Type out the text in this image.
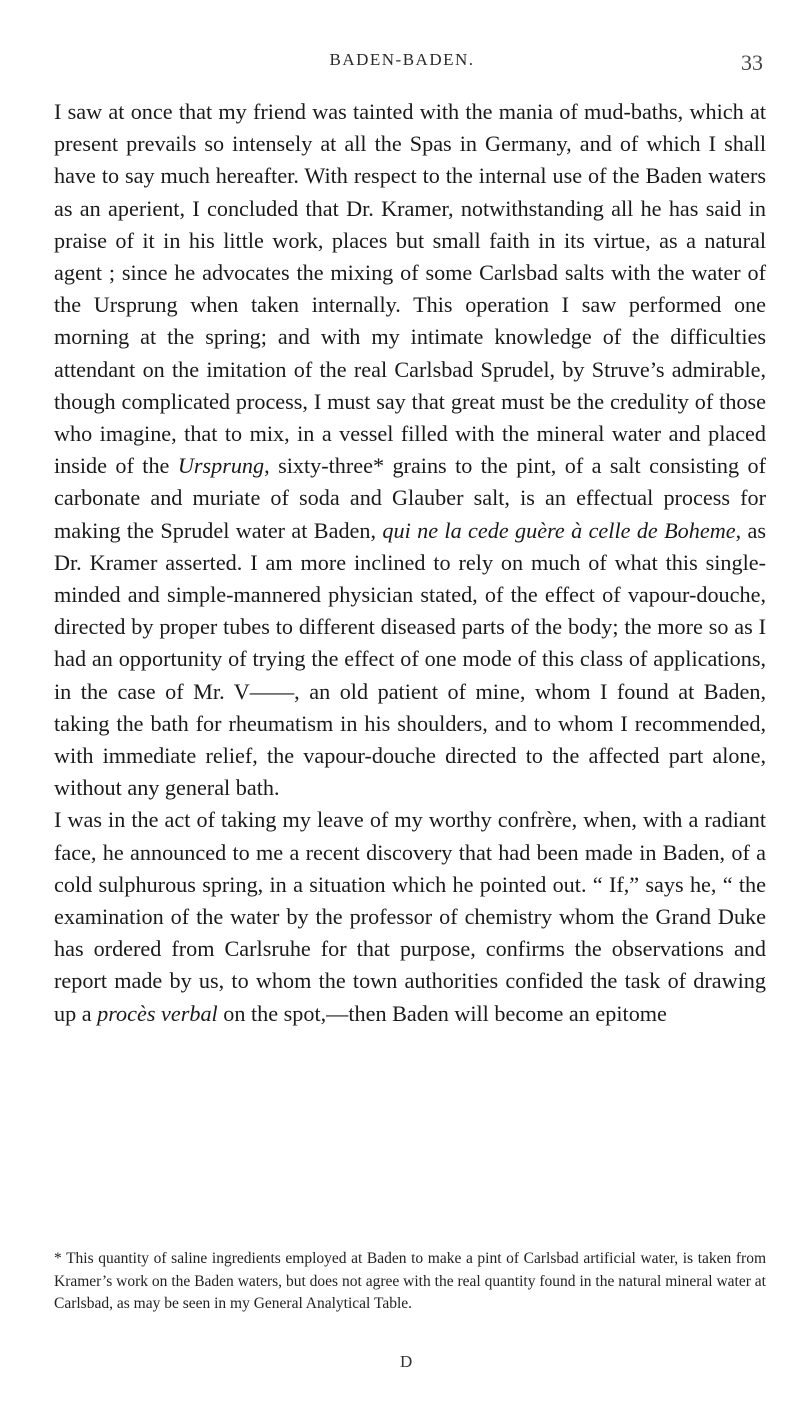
BADEN-BADEN.	33

I saw at once that my friend was tainted with the mania of mud-baths, which at present prevails so intensely at all the Spas in Germany, and of which I shall have to say much hereafter. With respect to the internal use of the Baden waters as an aperient, I concluded that Dr. Kramer, notwithstanding all he has said in praise of it in his little work, places but small faith in its virtue, as a natural agent ; since he advocates the mixing of some Carlsbad salts with the water of the Ursprung when taken internally. This operation I saw performed one morning at the spring; and with my intimate knowledge of the difficulties attendant on the imitation of the real Carlsbad Sprudel, by Struve’s admirable, though complicated process, I must say that great must be the credulity of those who imagine, that to mix, in a vessel filled with the mineral water and placed inside of the Ursprung, sixty-three* grains to the pint, of a salt consisting of carbonate and muriate of soda and Glauber salt, is an effectual process for making the Sprudel water at Baden, qui ne la cede guère à celle de Boheme, as Dr. Kramer asserted. I am more inclined to rely on much of what this single-minded and simple-mannered physician stated, of the effect of vapour-douche, directed by proper tubes to different diseased parts of the body; the more so as I had an opportunity of trying the effect of one mode of this class of applications, in the case of Mr. V——, an old patient of mine, whom I found at Baden, taking the bath for rheumatism in his shoulders, and to whom I recommended, with immediate relief, the vapour-douche directed to the affected part alone, without any general bath.

I was in the act of taking my leave of my worthy confrère, when, with a radiant face, he announced to me a recent discovery that had been made in Baden, of a cold sulphurous spring, in a situation which he pointed out. “ If,” says he, “ the examination of the water by the professor of chemistry whom the Grand Duke has ordered from Carlsruhe for that purpose, confirms the observations and report made by us, to whom the town authorities confided the task of drawing up a procès verbal on the spot,—then Baden will become an epitome

* This quantity of saline ingredients employed at Baden to make a pint of Carlsbad artificial water, is taken from Kramer’s work on the Baden waters, but does not agree with the real quantity found in the natural mineral water at Carlsbad, as may be seen in my General Analytical Table.
D
